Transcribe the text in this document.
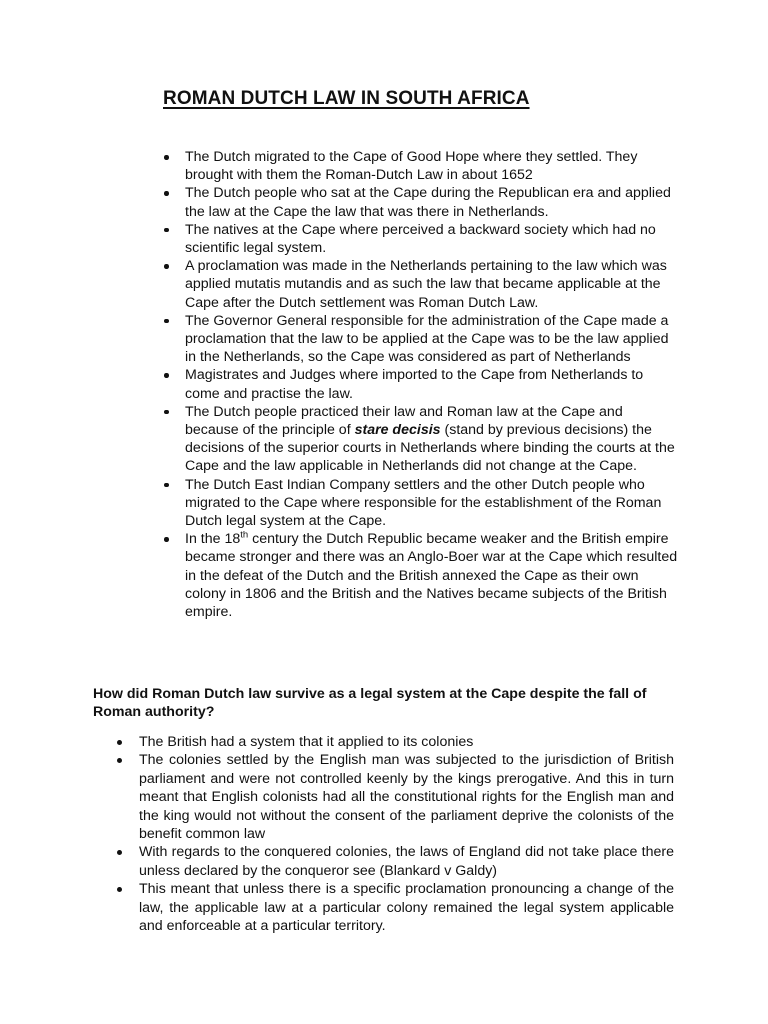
ROMAN DUTCH LAW IN SOUTH AFRICA
The Dutch migrated to the Cape of Good Hope where they settled. They brought with them the Roman-Dutch Law in about 1652
The Dutch people who sat at the Cape during the Republican era and applied the law at the Cape the law that was there in Netherlands.
The natives at the Cape where perceived a backward society which had no scientific legal system.
A proclamation was made in the Netherlands pertaining to the law which was applied mutatis mutandis and as such the law that became applicable at the Cape after the Dutch settlement was Roman Dutch Law.
The Governor General responsible for the administration of the Cape made a proclamation that the law to be applied at the Cape was to be the law applied in the Netherlands, so the Cape was considered as part of Netherlands
Magistrates and Judges where imported to the Cape from Netherlands to come and practise the law.
The Dutch people practiced their law and Roman law at the Cape and because of the principle of stare decisis (stand by previous decisions) the decisions of the superior courts in Netherlands where binding the courts at the Cape and the law applicable in Netherlands did not change at the Cape.
The Dutch East Indian Company settlers and the other Dutch people who migrated to the Cape where responsible for the establishment of the Roman Dutch legal system at the Cape.
In the 18th century the Dutch Republic became weaker and the British empire became stronger and there was an Anglo-Boer war at the Cape which resulted in the defeat of the Dutch and the British annexed the Cape as their own colony in 1806 and the British and the Natives became subjects of the British empire.
How did Roman Dutch law survive as a legal system at the Cape despite the fall of Roman authority?
The British had a system that it applied to its colonies
The colonies settled by the English man was subjected to the jurisdiction of British parliament and were not controlled keenly by the kings prerogative. And this in turn meant that English colonists had all the constitutional rights for the English man and the king would not without the consent of the parliament deprive the colonists of the benefit common law
With regards to the conquered colonies, the laws of England did not take place there unless declared by the conqueror see (Blankard v Galdy)
This meant that unless there is a specific proclamation pronouncing a change of the law, the applicable law at a particular colony remained the legal system applicable and enforceable at a particular territory.
